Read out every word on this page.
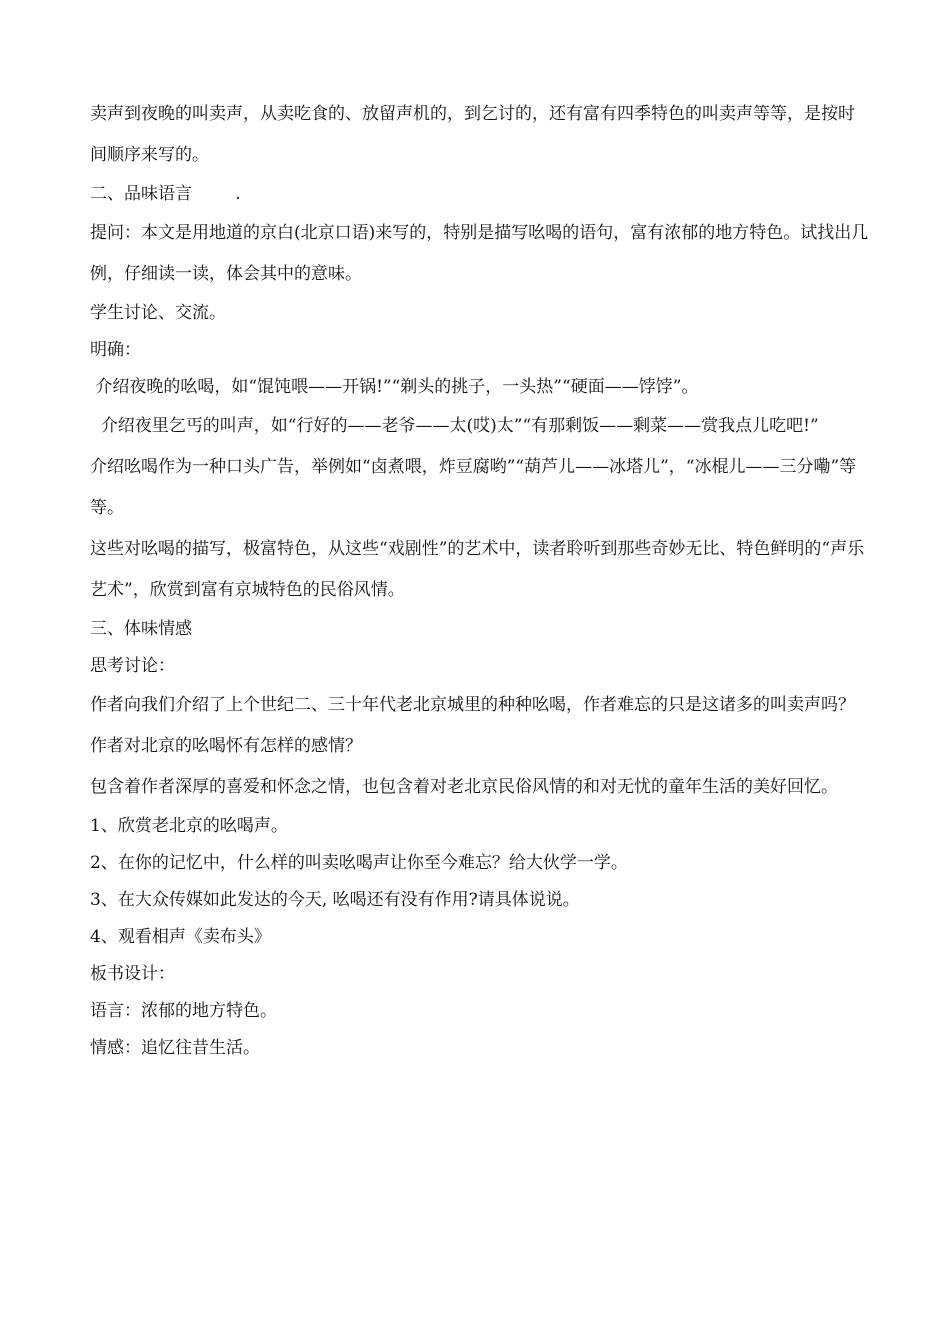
卖声到夜晚的叫卖声，从卖吃食的、放留声机的，到乞讨的，还有富有四季特色的叫卖声等等，是按时间顺序来写的。

二、品味语言        .

提问：本文是用地道的京白(北京口语)来写的，特别是描写吆喝的语句，富有浓郁的地方特色。试找出几例，仔细读一读，体会其中的意味。

学生讨论、交流。

明确：

介绍夜晚的吆喝，如“馄饨喂——开锅!”“剃头的挑子，一头热”“硬面——饽饽”。

介绍夜里乞丐的叫声，如“行好的——老爷——太(哎)太”“有那剩饭——剩菜——赏我点儿吃吧!”

介绍吆喝作为一种口头广告，举例如“卤煮喂，炸豆腐哟”“葫芦儿——冰塔儿”，“冰棍儿——三分嘞”等等。

这些对吆喝的描写，极富特色，从这些“戏剧性”的艺术中，读者聆听到那些奇妙无比、特色鲜明的“声乐艺术”，欣赏到富有京城特色的民俗风情。

三、体味情感

思考讨论：

作者向我们介绍了上个世纪二、三十年代老北京城里的种种吆喝，作者难忘的只是这诸多的叫卖声吗？作者对北京的吆喝怀有怎样的感情？

包含着作者深厚的喜爱和怀念之情，也包含着对老北京民俗风情的和对无忧的童年生活的美好回忆。

1、欣赏老北京的吆喝声。

2、在你的记忆中，什么样的叫卖吆喝声让你至今难忘？给大伙学一学。

3、在大众传媒如此发达的今天, 吆喝还有没有作用?请具体说说。

4、观看相声《卖布头》

板书设计：

语言：浓郁的地方特色。

情感：追忆往昔生活。
